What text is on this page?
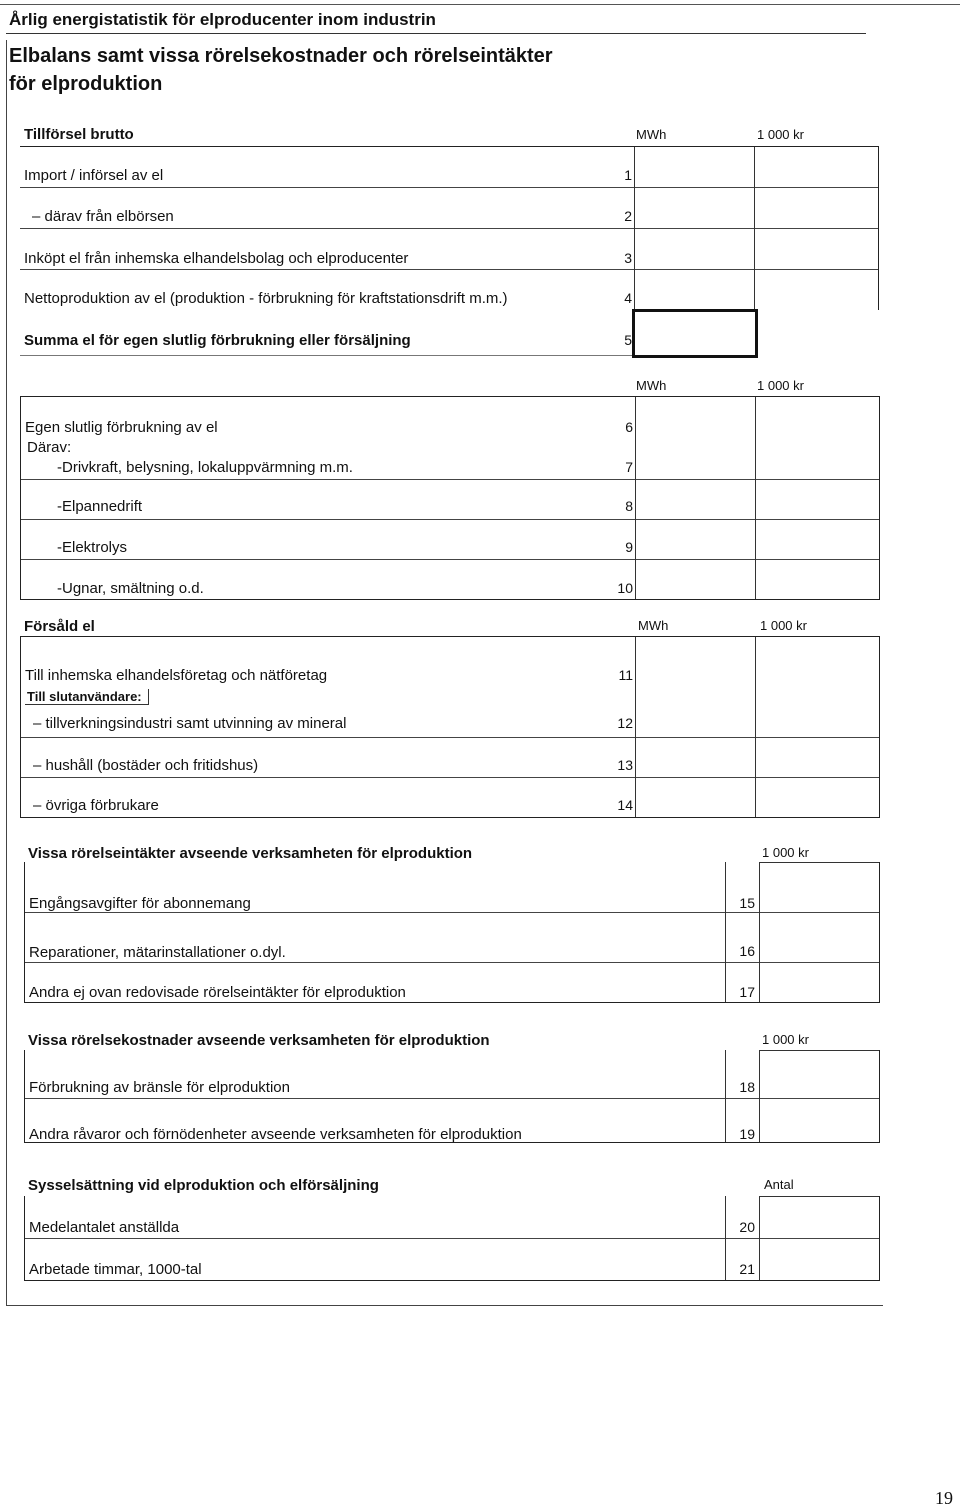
Årlig energistatistik för elproducenter inom industrin
Elbalans samt vissa rörelsekostnader och rörelseintäkter
för elproduktion
Tillförsel brutto	MWh	1 000 kr
Import / införsel av el	1
– därav från elbörsen	2
Inköpt el från inhemska elhandelsbolag och elproducenter	3
Nettoproduktion av el (produktion - förbrukning för kraftstationsdrift m.m.)	4
Summa el för egen slutlig förbrukning eller försäljning	5
MWh	1 000 kr
Egen slutlig förbrukning av el	6
Därav:
-Drivkraft, belysning, lokaluppvärmning m.m.	7
-Elpannedrift	8
-Elektrolys	9
-Ugnar, smältning o.d.	10
Försåld el	MWh	1 000 kr
Till inhemska elhandelsföretag och nätföretag	11
Till slutanvändare:
– tillverkningsindustri samt utvinning av mineral	12
– hushåll (bostäder och fritidshus)	13
– övriga förbrukare	14
Vissa rörelseintäkter avseende verksamheten för elproduktion	1 000 kr
Engångsavgifter för abonnemang	15
Reparationer, mätarinstallationer o.dyl.	16
Andra ej ovan redovisade rörelseintäkter för elproduktion	17
Vissa rörelsekostnader avseende verksamheten för elproduktion	1 000 kr
Förbrukning av bränsle för elproduktion	18
Andra råvaror och förnödenheter avseende verksamheten för elproduktion	19
Sysselsättning vid elproduktion och elförsäljning	Antal
Medelantalet anställda	20
Arbetade timmar, 1000-tal	21
19
